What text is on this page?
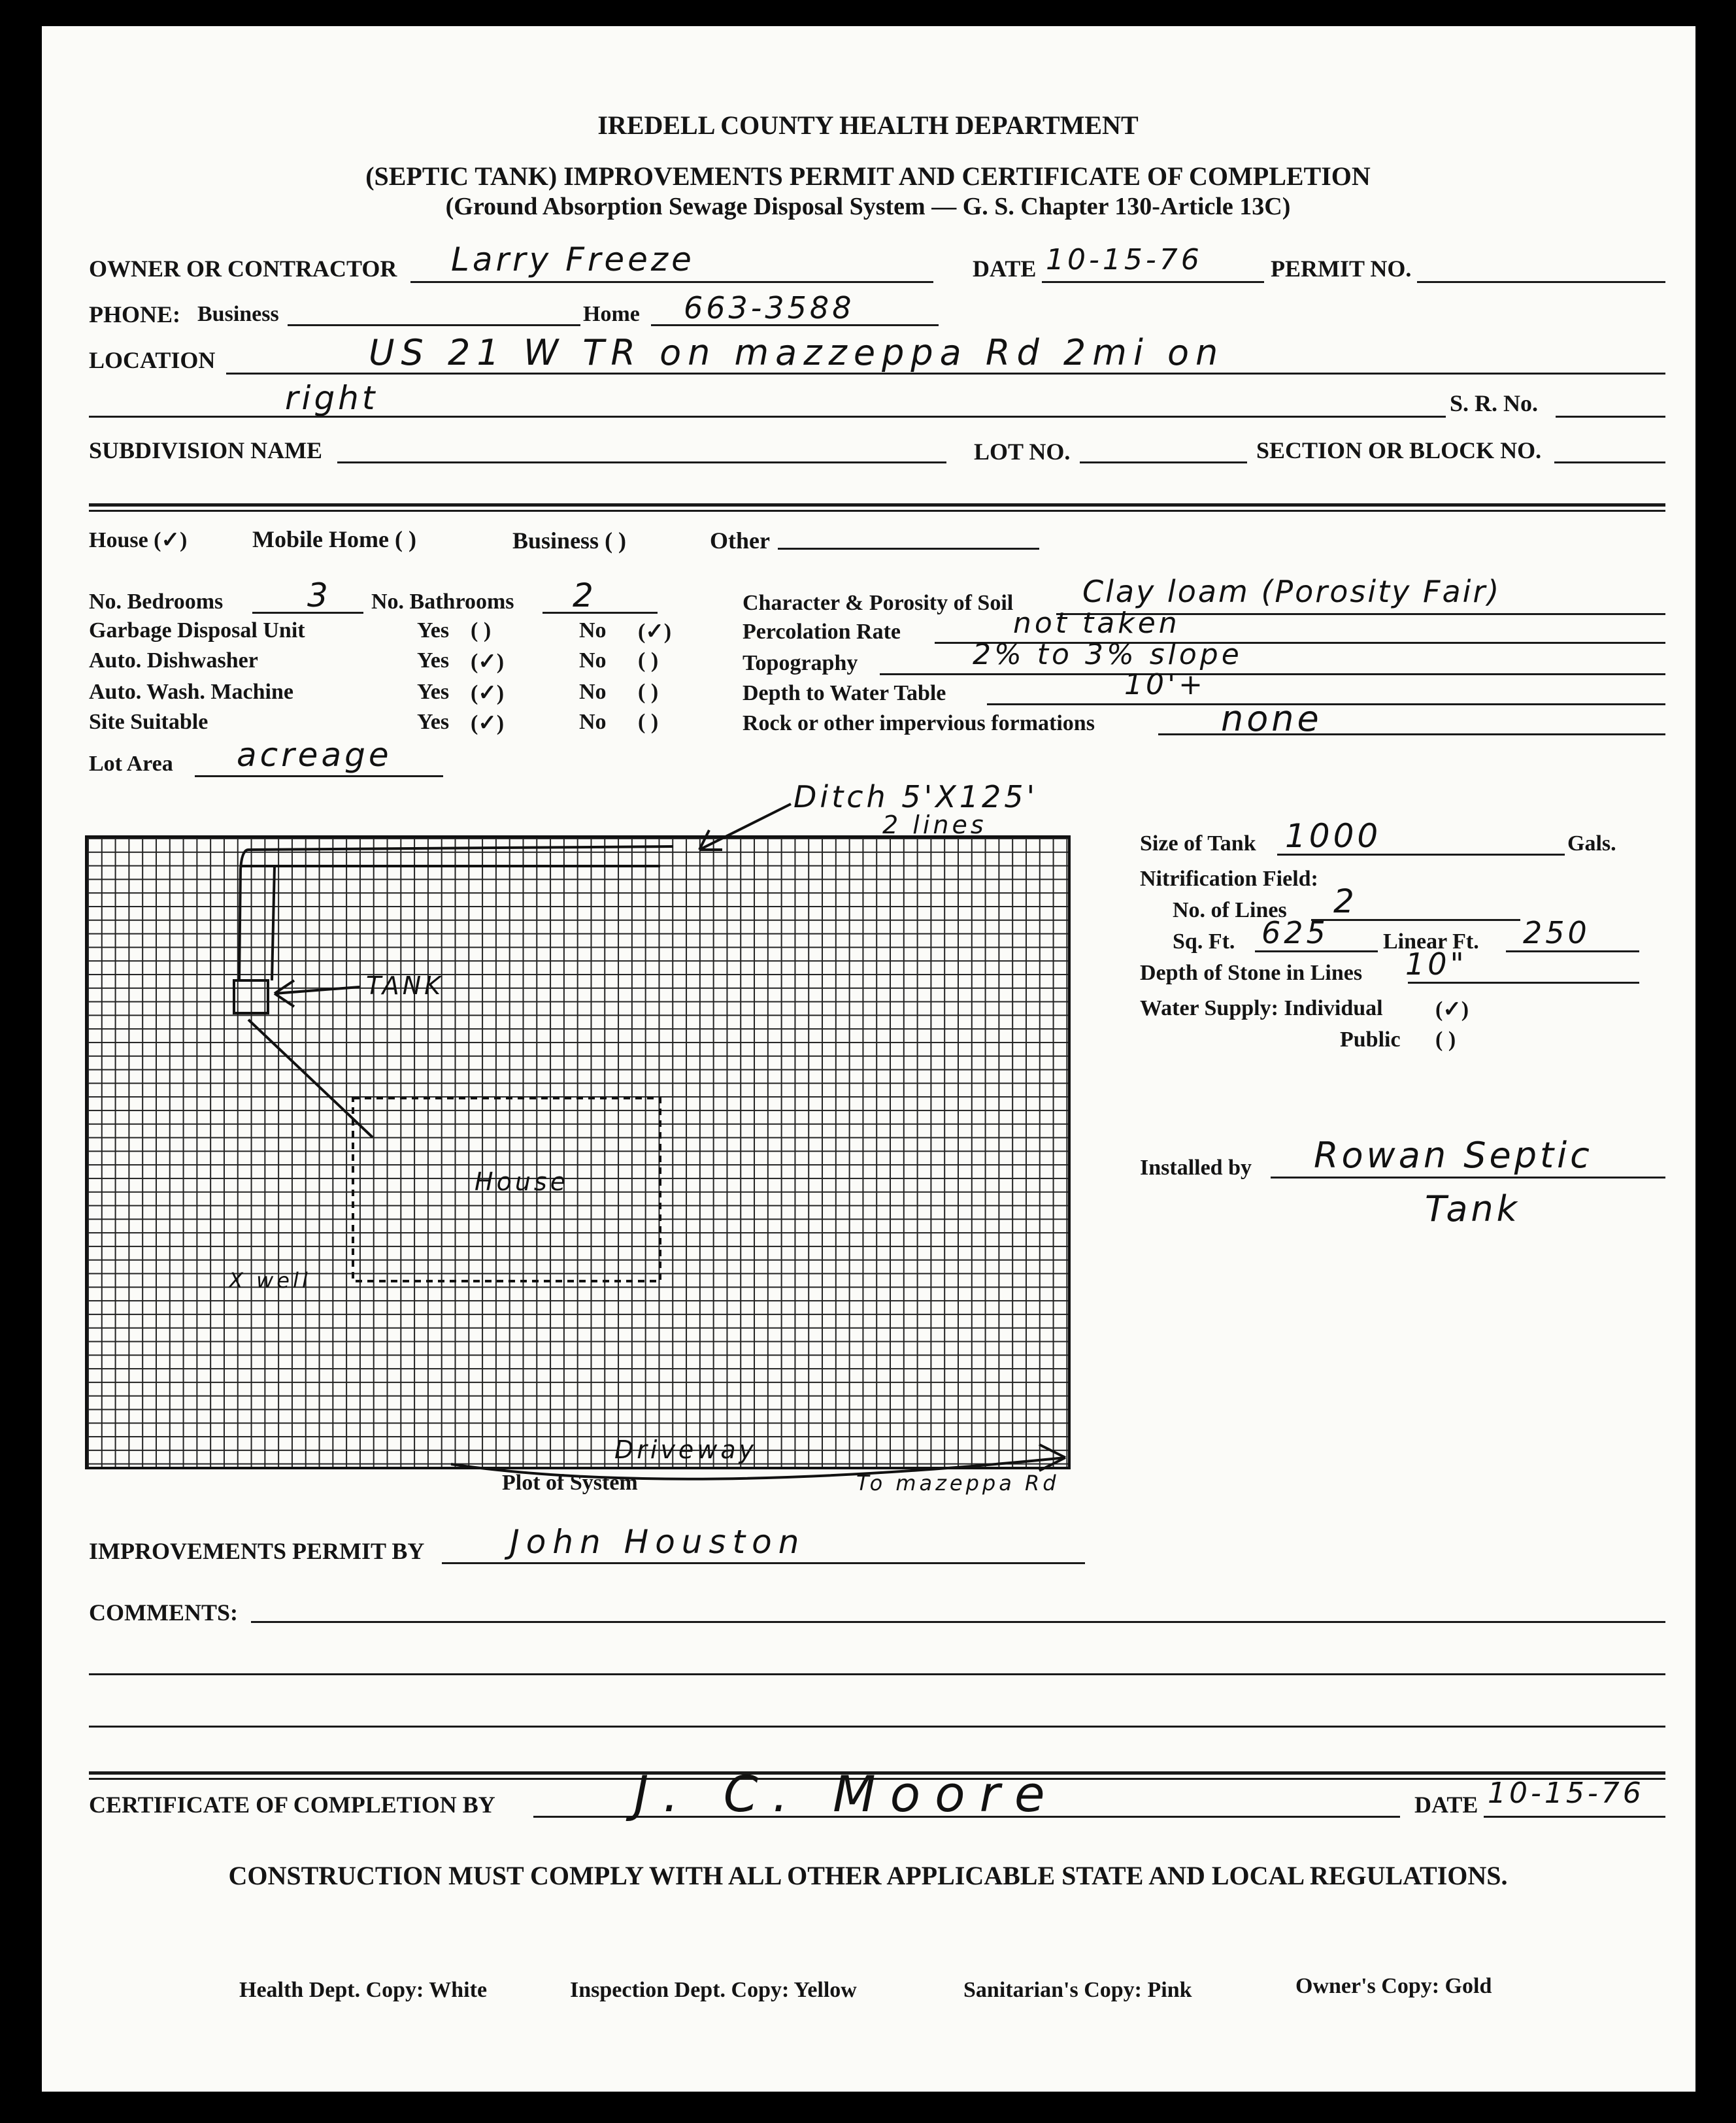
IREDELL COUNTY HEALTH DEPARTMENT
(SEPTIC TANK) IMPROVEMENTS PERMIT AND CERTIFICATE OF COMPLETION
(Ground Absorption Sewage Disposal System — G. S. Chapter 130-Article 13C)
OWNER OR CONTRACTOR Larry Freeze	DATE 10-15-76	PERMIT NO.
PHONE: Business	Home 663-3588
LOCATION	US 21 W TR on mazzeppa Rd 2mi on
right	S. R. No.
SUBDIVISION NAME	LOT NO.	SECTION OR BLOCK NO.
House (✓)	Mobile Home ( )	Business ( )	Other
No. Bedrooms	3 No. Bathrooms 2
Garbage Disposal Unit	Yes ( )	No (✓)
Auto. Dishwasher	Yes (✓)	No ( )
Auto. Wash. Machine	Yes (✓)	No ( )
Site Suitable	Yes (✓)	No ( )
Lot Area acreage
Character & Porosity of Soil Clay loam (Porosity Fair)
Percolation Rate	not taken
Topography	2% to 3% slope
Depth to Water Table	10'+
Rock or other impervious formations	none
Ditch 5'X125'
2 lines
TANK
House
X well
Driveway
To mazeppa Rd
Plot of System
Size of Tank 1000	Gals.
Nitrification Field:
No. of Lines 2
Sq. Ft. 625 Linear Ft. 250
Depth of Stone in Lines 10"
Water Supply: Individual (✓)
Public ( )
Installed by Rowan Septic
Tank
IMPROVEMENTS PERMIT BY	John Houston
COMMENTS:
CERTIFICATE OF COMPLETION BY	J. C. Moore	DATE 10-15-76
CONSTRUCTION MUST COMPLY WITH ALL OTHER APPLICABLE STATE AND LOCAL REGULATIONS.
Health Dept. Copy: White	Inspection Dept. Copy: Yellow	Sanitarian's Copy: Pink	Owner's Copy: Gold
